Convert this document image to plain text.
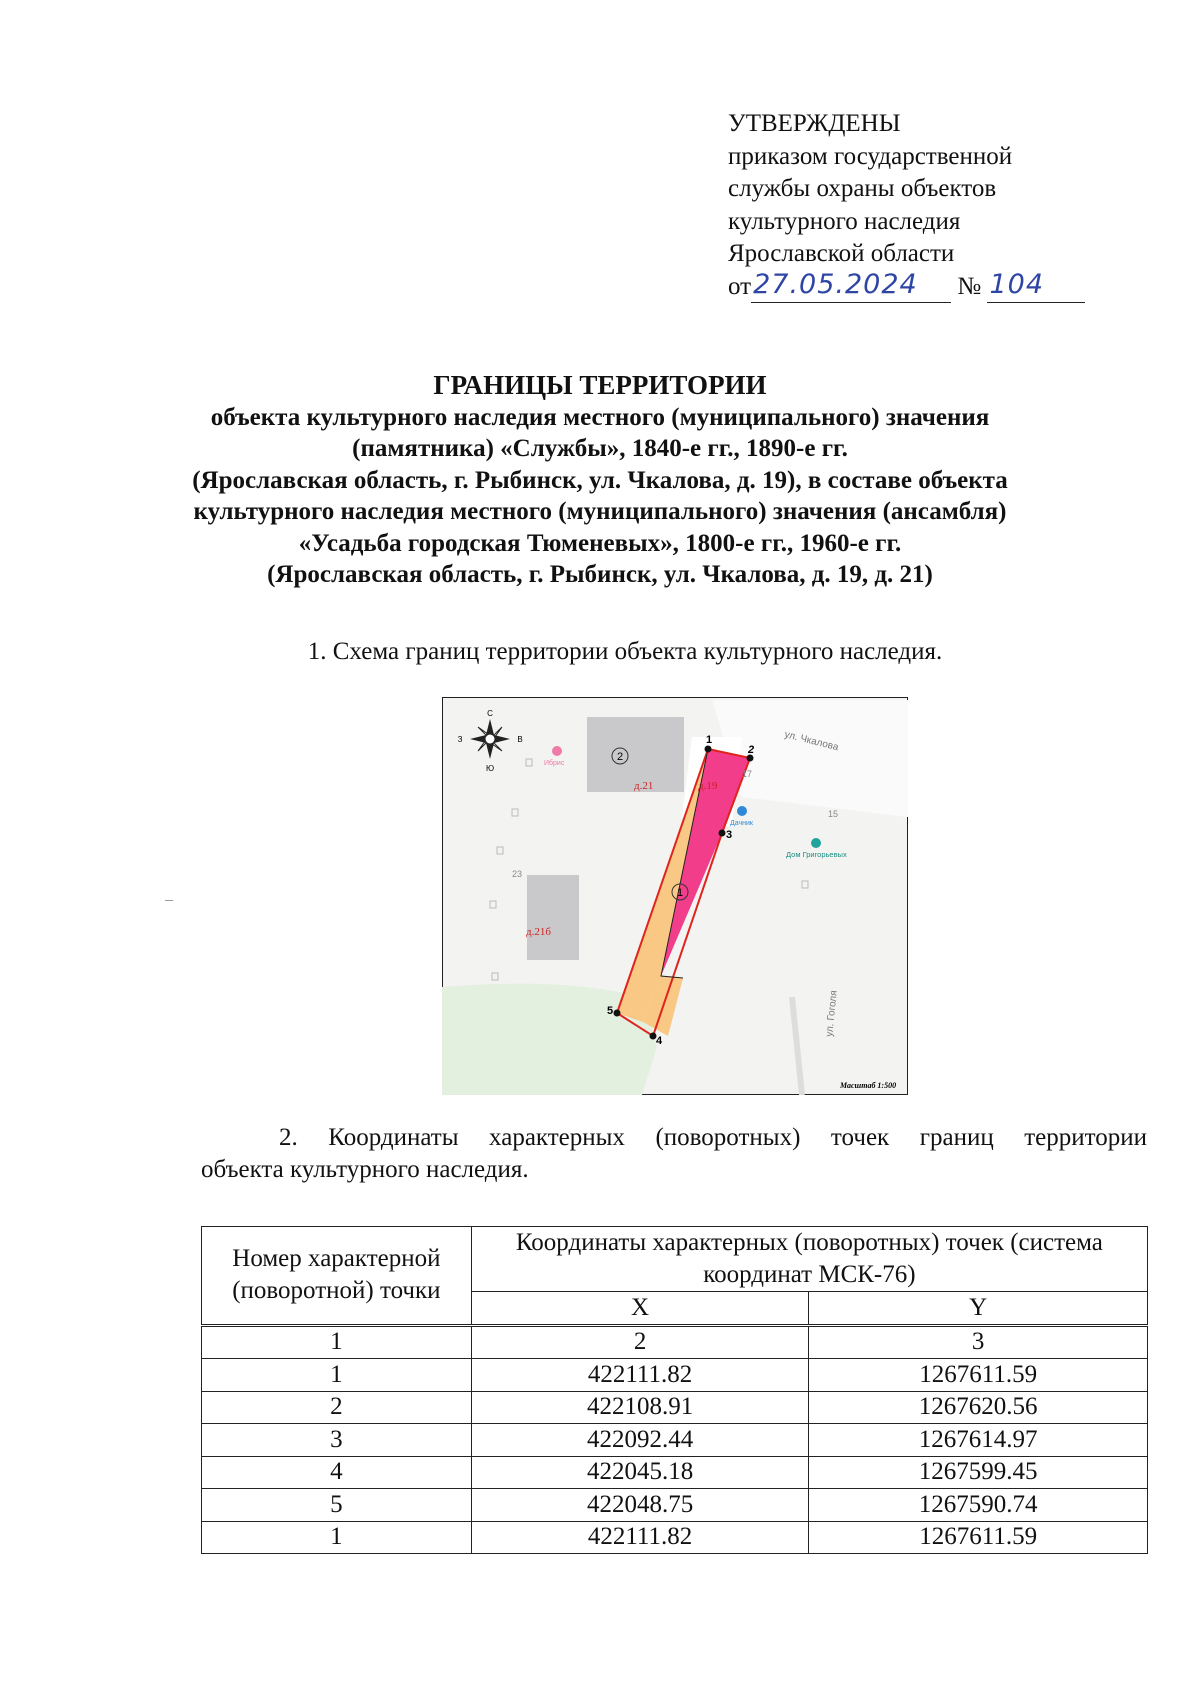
УТВЕРЖДЕНЫ
приказом государственной
службы охраны объектов
культурного наследия
Ярославской области
от 27.05.2024 № 104
ГРАНИЦЫ ТЕРРИТОРИИ
объекта культурного наследия местного (муниципального) значения
(памятника) «Службы», 1840-е гг., 1890-е гг.
(Ярославская область, г. Рыбинск, ул. Чкалова, д. 19), в составе объекта
культурного наследия местного (муниципального) значения (ансамбля)
«Усадьба городская Тюменевых», 1800-е гг., 1960-е гг.
(Ярославская область, г. Рыбинск, ул. Чкалова, д. 19, д. 21)
1. Схема границ территории объекта культурного наследия.
1
2
3
4
5
1
2
д.21	д.19
д.21б
ул. Чкалова
ул. Гоголя
15
17
23
Ибрис
Дачник
Дом Григорьевых
С
Ю
З	В
Масштаб 1:500
2. Координаты характерных (поворотных) точек границ территории
объекта культурного наследия.
Номер характерной (поворотной) точки	Координаты характерных (поворотных) точек (система координат МСК-76)	
	X	Y
1	2	3
1	422111.82	1267611.59
2	422108.91	1267620.56
3	422092.44	1267614.97
4	422045.18	1267599.45
5	422048.75	1267590.74
1	422111.82	1267611.59
